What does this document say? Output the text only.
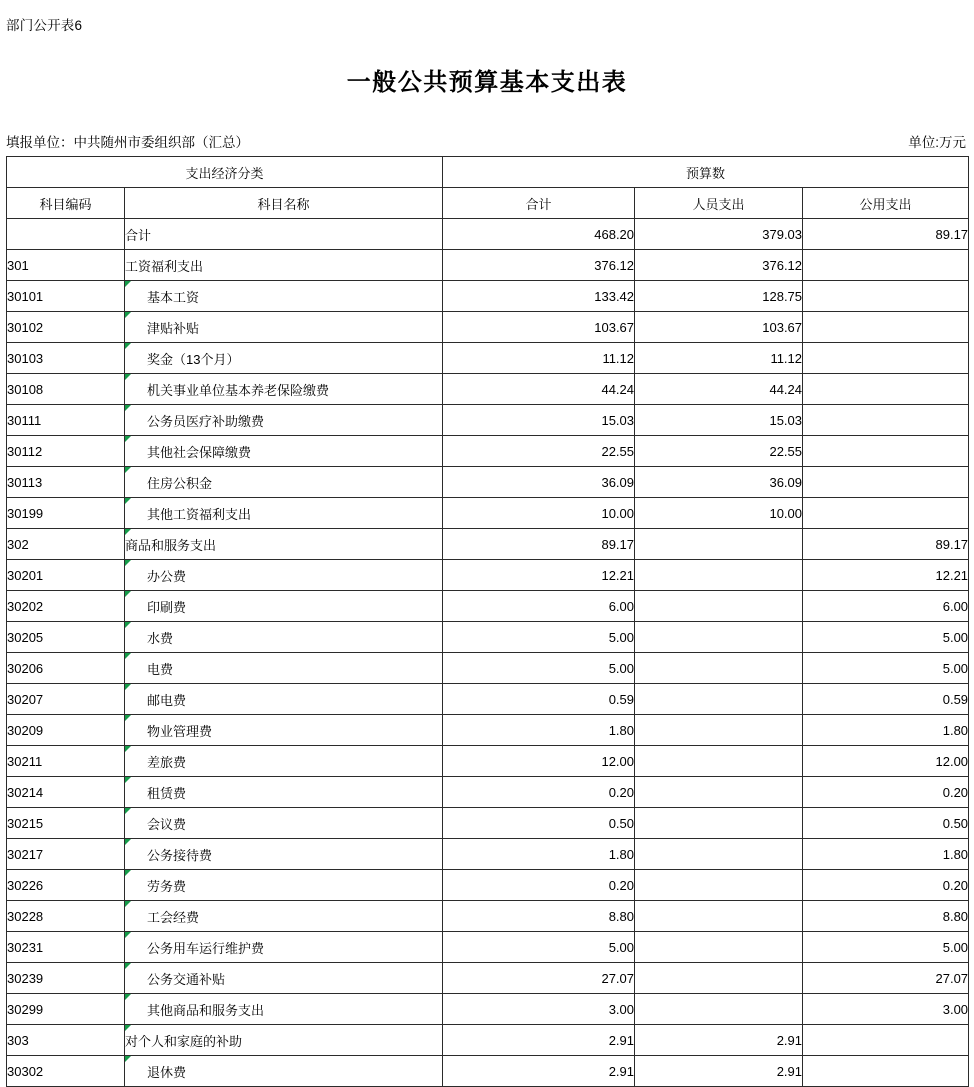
部门公开表6
一般公共预算基本支出表
填报单位：中共随州市委组织部（汇总）	单位:万元
支出经济分类		预算数		
科目编码	科目名称	合计	人员支出	公用支出
	合计	468.20	379.03	89.17
301	工资福利支出	376.12	376.12	
30101	基本工资	133.42	128.75	
30102	津贴补贴	103.67	103.67	
30103	奖金（13个月）	11.12	11.12	
30108	机关事业单位基本养老保险缴费	44.24	44.24	
30111	公务员医疗补助缴费	15.03	15.03	
30112	其他社会保障缴费	22.55	22.55	
30113	住房公积金	36.09	36.09	
30199	其他工资福利支出	10.00	10.00	
302	商品和服务支出	89.17		89.17
30201	办公费	12.21		12.21
30202	印刷费	6.00		6.00
30205	水费	5.00		5.00
30206	电费	5.00		5.00
30207	邮电费	0.59		0.59
30209	物业管理费	1.80		1.80
30211	差旅费	12.00		12.00
30214	租赁费	0.20		0.20
30215	会议费	0.50		0.50
30217	公务接待费	1.80		1.80
30226	劳务费	0.20		0.20
30228	工会经费	8.80		8.80
30231	公务用车运行维护费	5.00		5.00
30239	公务交通补贴	27.07		27.07
30299	其他商品和服务支出	3.00		3.00
303	对个人和家庭的补助	2.91	2.91	
30302	退休费	2.91	2.91	
